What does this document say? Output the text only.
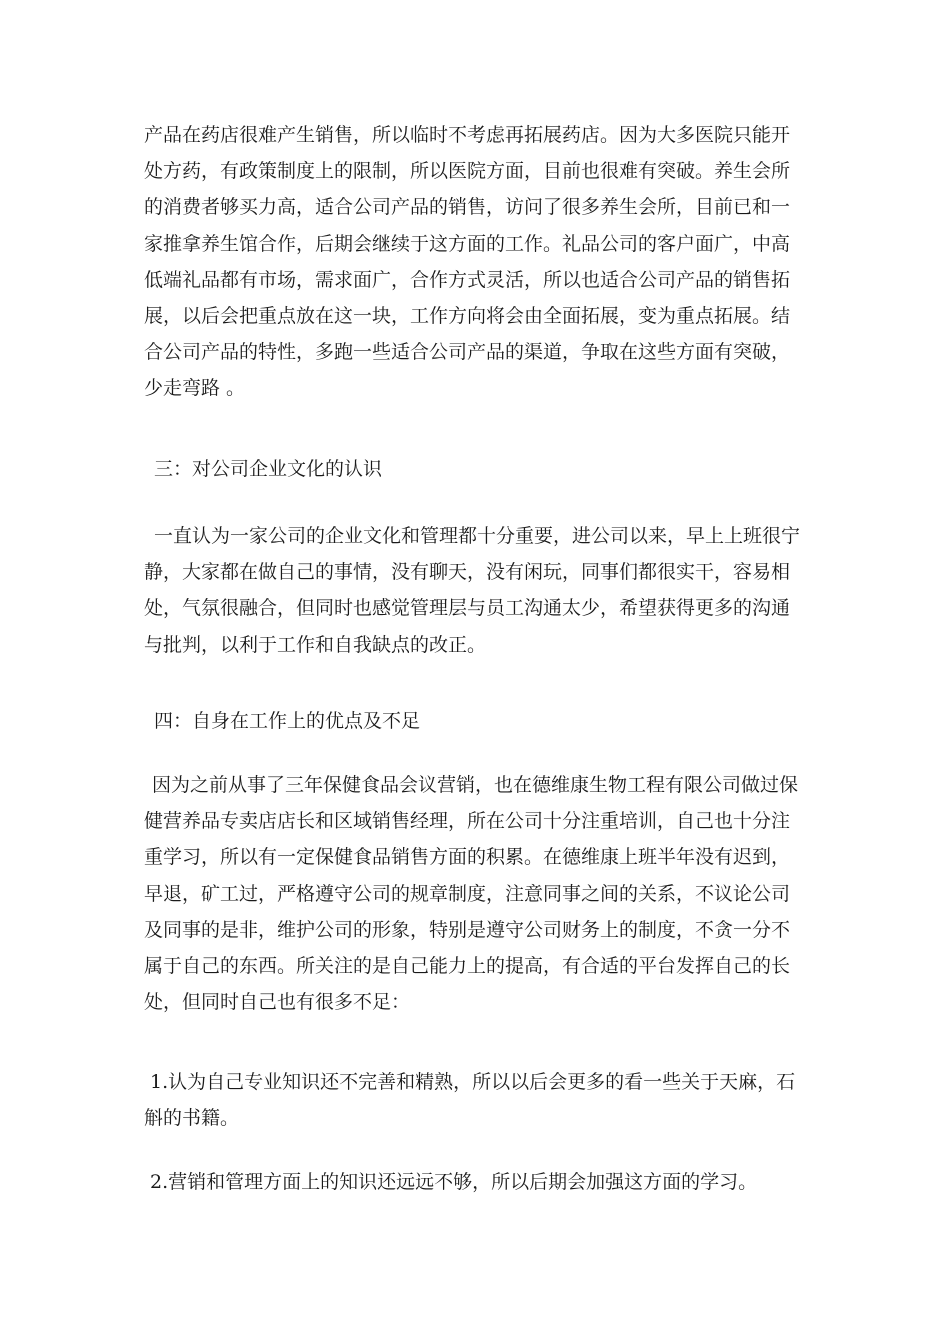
产品在药店很难产生销售，所以临时不考虑再拓展药店。因为大多医院只能开
处方药，有政策制度上的限制，所以医院方面，目前也很难有突破。养生会所
的消费者够买力高，适合公司产品的销售，访问了很多养生会所，目前已和一
家推拿养生馆合作，后期会继续于这方面的工作。礼品公司的客户面广，中高
低端礼品都有市场，需求面广，合作方式灵活，所以也适合公司产品的销售拓
展，以后会把重点放在这一块，工作方向将会由全面拓展，变为重点拓展。结
合公司产品的特性，多跑一些适合公司产品的渠道，争取在这些方面有突破，
少走弯路 。
三：对公司企业文化的认识
一直认为一家公司的企业文化和管理都十分重要，进公司以来，早上上班很宁
静，大家都在做自己的事情，没有聊天，没有闲玩，同事们都很实干，容易相
处，气氛很融合，但同时也感觉管理层与员工沟通太少，希望获得更多的沟通
与批判，以利于工作和自我缺点的改正。
四：自身在工作上的优点及不足
因为之前从事了三年保健食品会议营销，也在德维康生物工程有限公司做过保
健营养品专卖店店长和区域销售经理，所在公司十分注重培训，自己也十分注
重学习，所以有一定保健食品销售方面的积累。在德维康上班半年没有迟到，
早退，矿工过，严格遵守公司的规章制度，注意同事之间的关系，不议论公司
及同事的是非，维护公司的形象，特别是遵守公司财务上的制度，不贪一分不
属于自己的东西。所关注的是自己能力上的提高，有合适的平台发挥自己的长
处，但同时自己也有很多不足：
1.认为自己专业知识还不完善和精熟，所以以后会更多的看一些关于天麻，石
斛的书籍。
2.营销和管理方面上的知识还远远不够，所以后期会加强这方面的学习。
